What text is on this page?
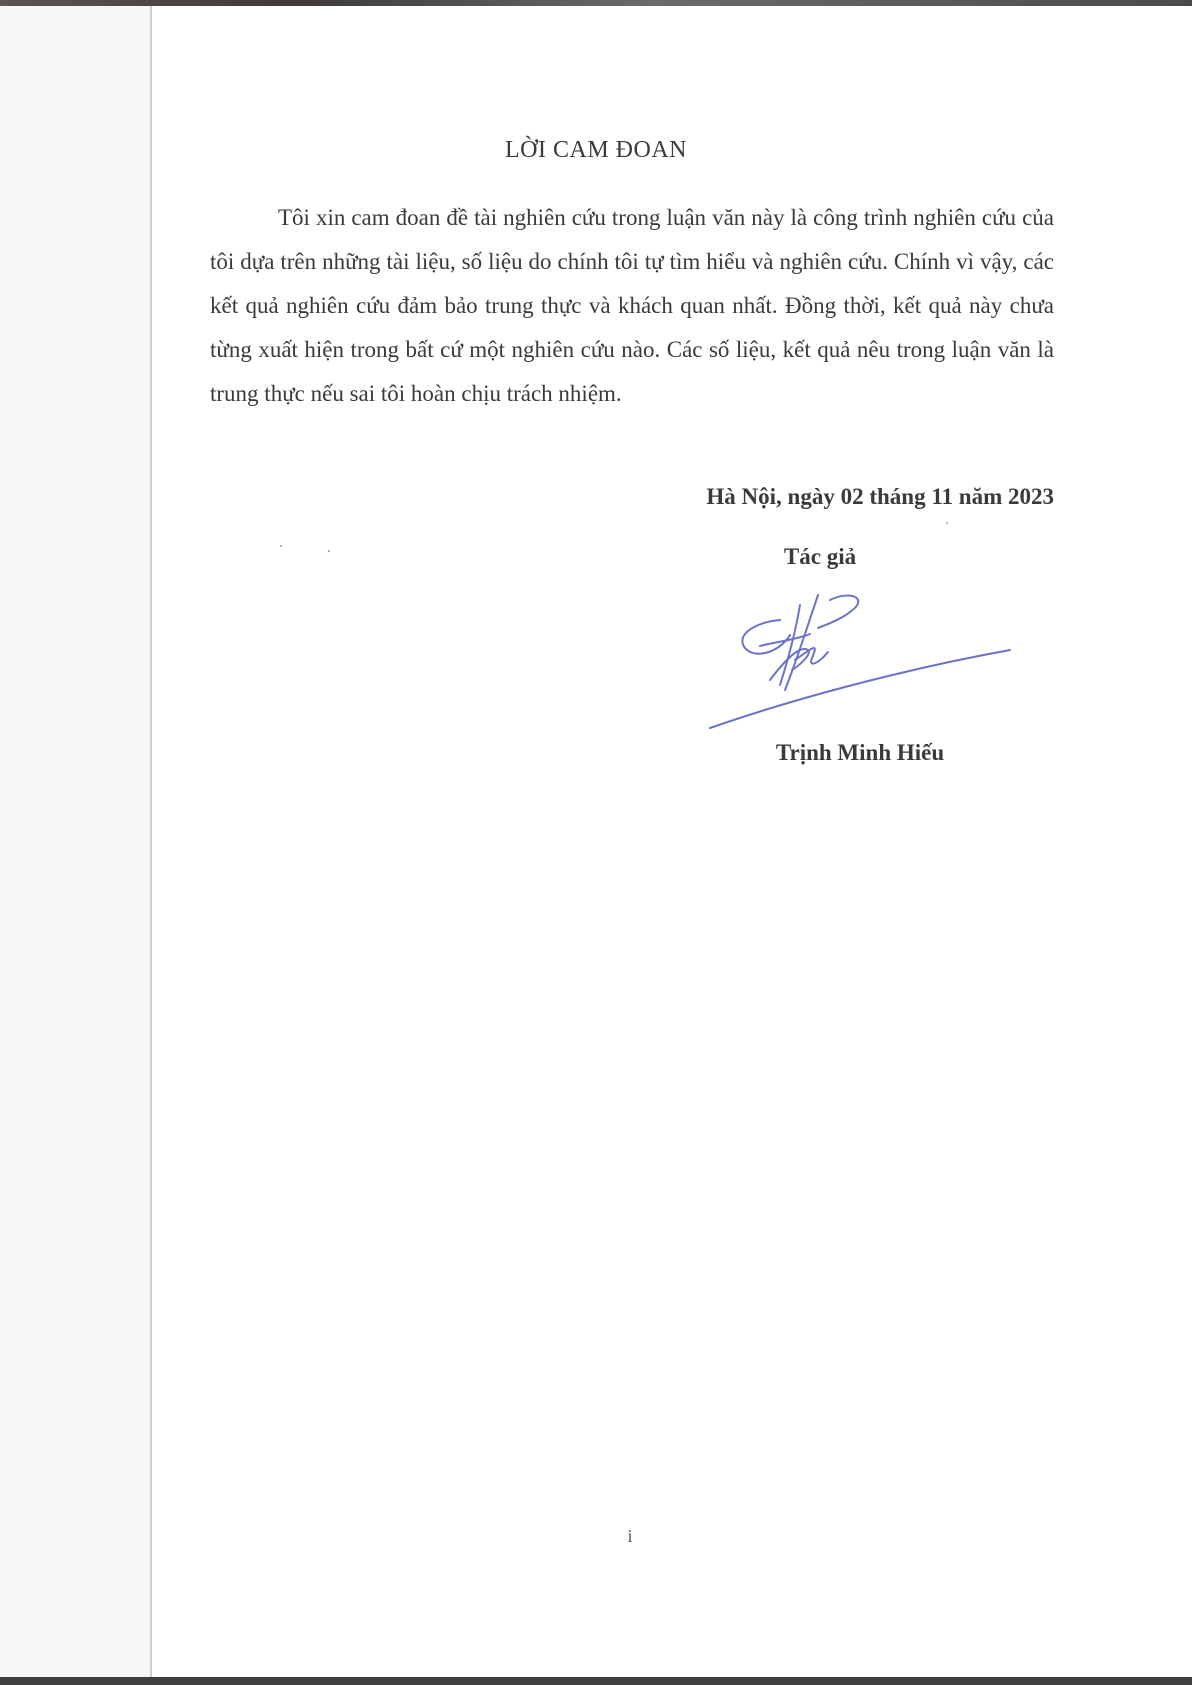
LỜI CAM ĐOAN

Tôi xin cam đoan đề tài nghiên cứu trong luận văn này là công trình nghiên cứu của tôi dựa trên những tài liệu, số liệu do chính tôi tự tìm hiểu và nghiên cứu. Chính vì vậy, các kết quả nghiên cứu đảm bảo trung thực và khách quan nhất. Đồng thời, kết quả này chưa từng xuất hiện trong bất cứ một nghiên cứu nào. Các số liệu, kết quả nêu trong luận văn là trung thực nếu sai tôi hoàn chịu trách nhiệm.

Hà Nội, ngày 02 tháng 11 năm 2023
Tác giả
Trịnh Minh Hiếu
i
